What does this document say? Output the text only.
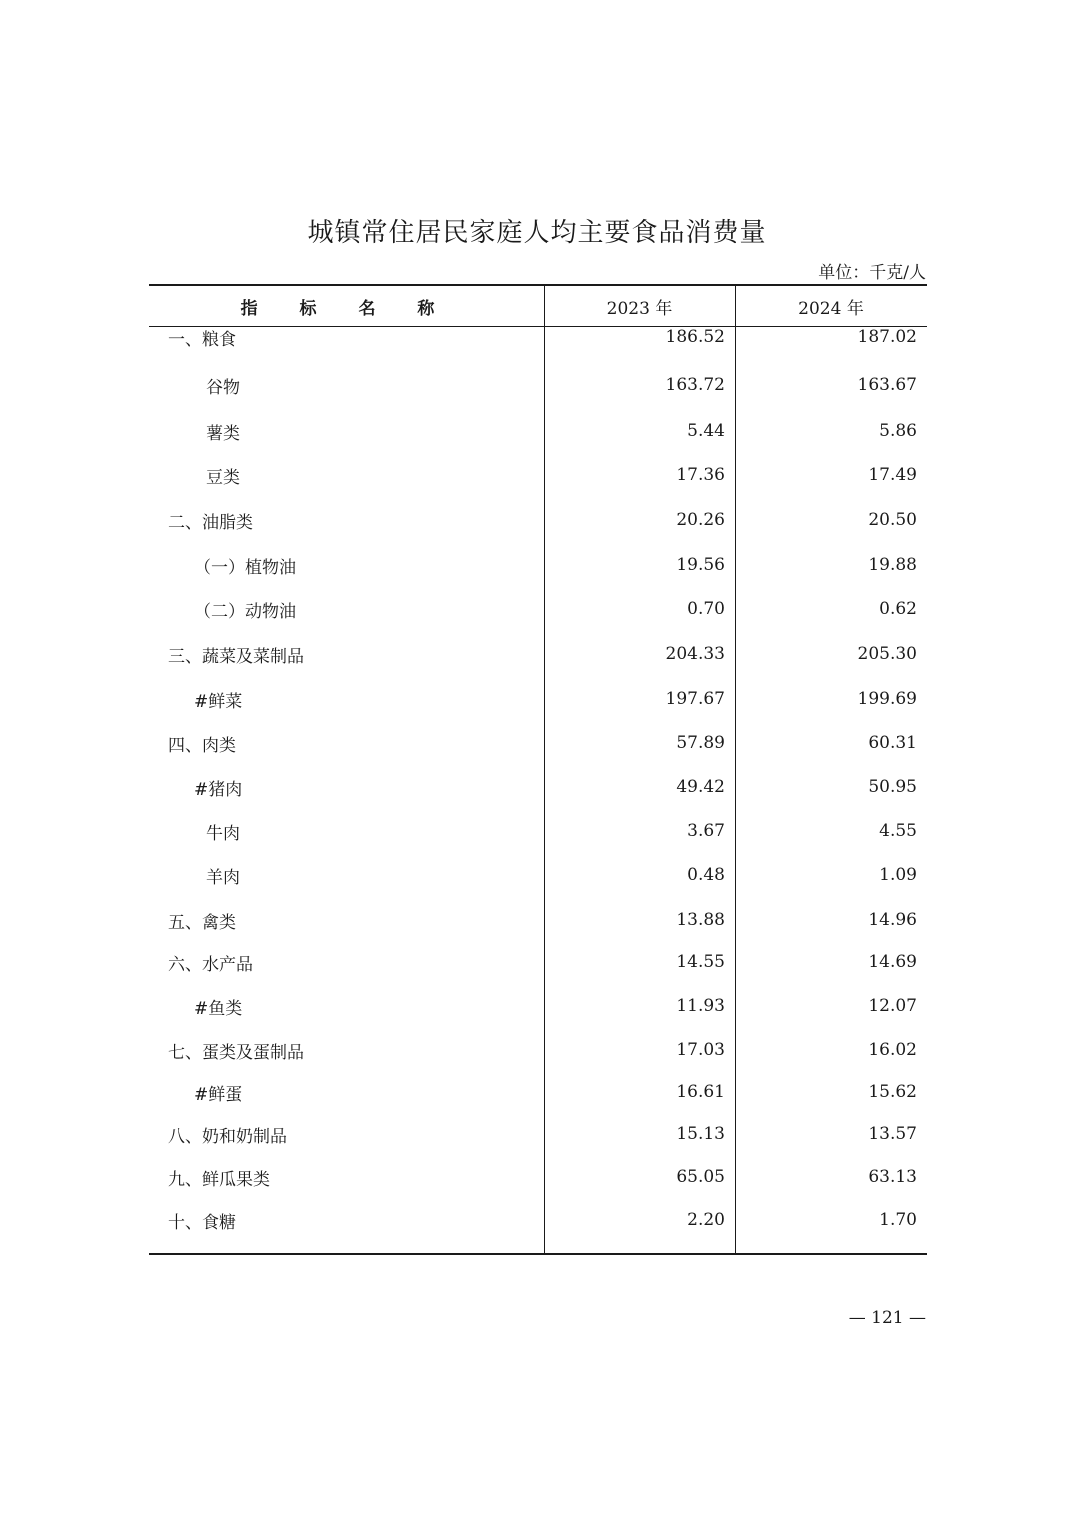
城镇常住居民家庭人均主要食品消费量
单位：千克/人
指 标 名 称	2023 年	2024 年
一、粮食	186.52	187.02
谷物	163.72	163.67
薯类	5.44	5.86
豆类	17.36	17.49
二、油脂类	20.26	20.50
（一）植物油	19.56	19.88
（二）动物油	0.70	0.62
三、蔬菜及菜制品	204.33	205.30
#鲜菜	197.67	199.69
四、肉类	57.89	60.31
#猪肉	49.42	50.95
牛肉	3.67	4.55
羊肉	0.48	1.09
五、禽类	13.88	14.96
六、水产品	14.55	14.69
#鱼类	11.93	12.07
七、蛋类及蛋制品	17.03	16.02
#鲜蛋	16.61	15.62
八、奶和奶制品	15.13	13.57
九、鲜瓜果类	65.05	63.13
十、食糖	2.20	1.70
— 121 —
